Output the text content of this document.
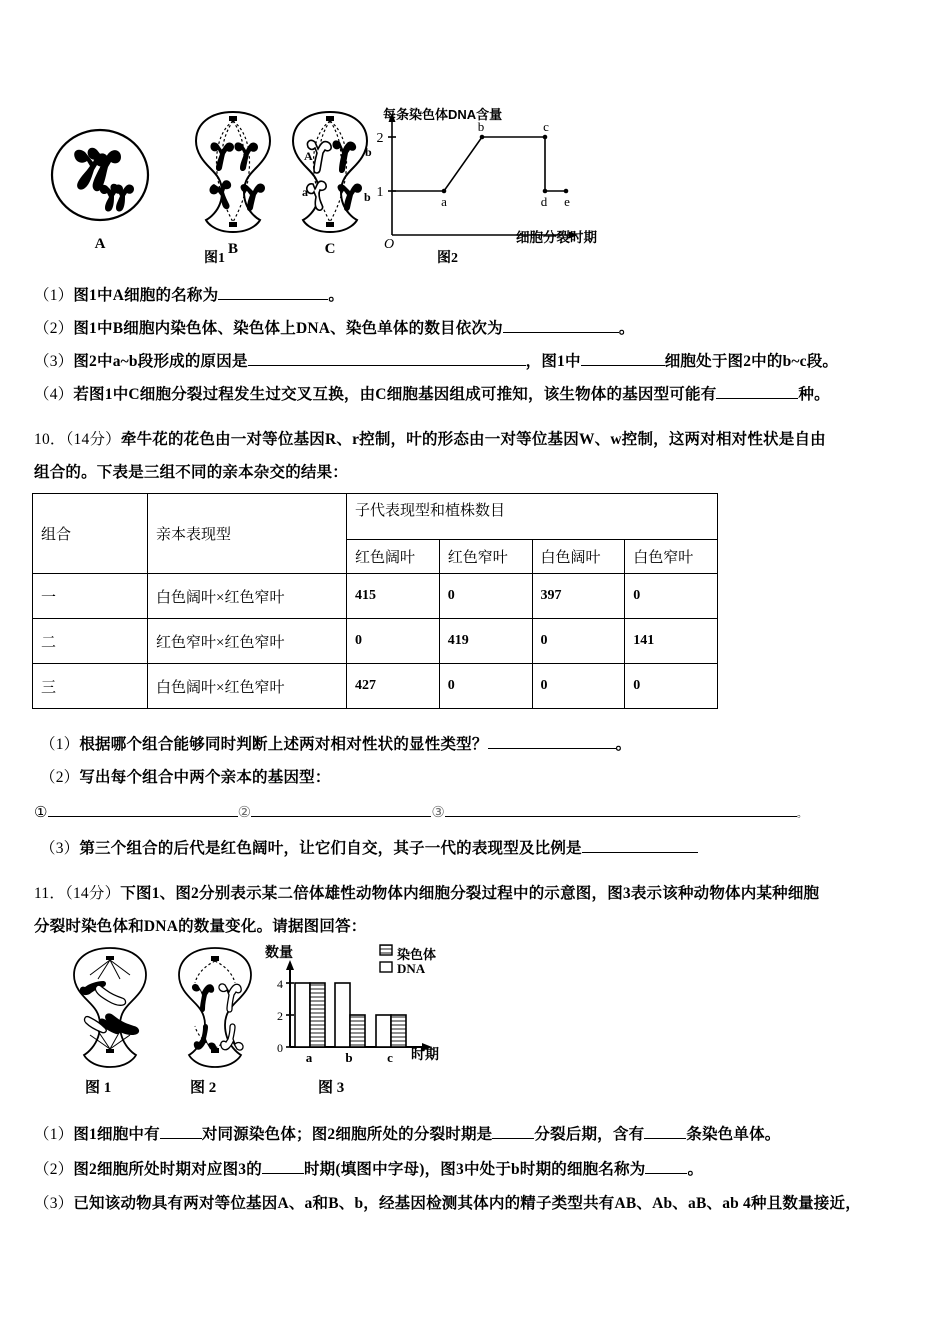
A	B
A	b
a	b
C
图1
1
2
a
b	c
d e
O
每条染色体DNA含量
细胞分裂时期
图2
（1）图1中A细胞的名称为	。
（2）图1中B细胞内染色体、染色体上DNA、染色单体的数目依次为	。
（3）图2中a~b段形成的原因是	，图1中	细胞处于图2中的b~c段。
（4）若图1中C细胞分裂过程发生过交叉互换，由C细胞基因组成可推知，该生物体的基因型可能有	种。
10．（14分）牵牛花的花色由一对等位基因R、r控制，叶的形态由一对等位基因W、w控制，这两对相对性状是自由
组合的。下表是三组不同的亲本杂交的结果：
组合	亲本表现型	子代表现型和植株数目			
		红色阔叶	红色窄叶	白色阔叶	白色窄叶
一	白色阔叶×红色窄叶	415	0	397	0
二	红色窄叶×红色窄叶	0	419	0	141
三	白色阔叶×红色窄叶	427	0	0	0
（1）根据哪个组合能够同时判断上述两对相对性状的显性类型？	。
（2）写出每个组合中两个亲本的基因型：
①	②	③	。
（3）第三个组合的后代是红色阔叶，让它们自交，其子一代的表现型及比例是
11．（14分）下图1、图2分别表示某二倍体雄性动物体内细胞分裂过程中的示意图，图3表示该种动物体内某种细胞
分裂时染色体和DNA的数量变化。请据图回答：
0
2
4
a	b	c
数量
时期
染色体
DNA
图 1	图 2	图 3
（1）图1细胞中有	对同源染色体；图2细胞所处的分裂时期是	分裂后期，含有	条染色单体。
（2）图2细胞所处时期对应图3的	时期(填图中字母)，图3中处于b时期的细胞名称为	。
（3）已知该动物具有两对等位基因A、a和B、b，经基因检测其体内的精子类型共有AB、Ab、aB、ab 4种且数量接近，
